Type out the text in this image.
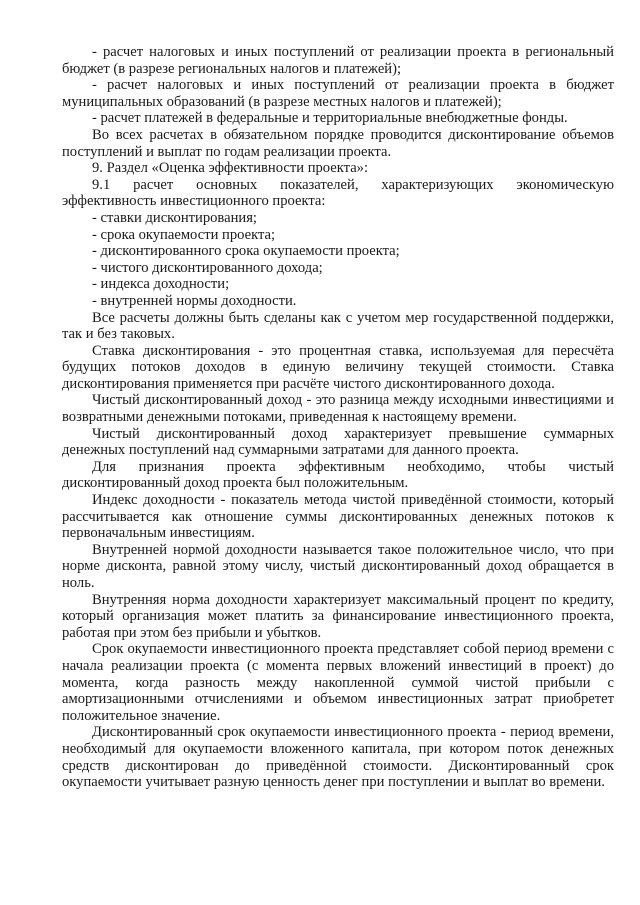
- расчет налоговых и иных поступлений от реализации проекта в региональный бюджет (в разрезе региональных налогов и платежей);

- расчет налоговых и иных поступлений от реализации проекта в бюджет муниципальных образований (в разрезе местных налогов и платежей);

- расчет платежей в федеральные и территориальные внебюджетные фонды.

Во всех расчетах в обязательном порядке проводится дисконтирование объемов поступлений и выплат по годам реализации проекта.

9. Раздел «Оценка эффективности проекта»:

9.1 расчет основных показателей, характеризующих экономическую эффективность инвестиционного проекта:

- ставки дисконтирования;

- срока окупаемости проекта;

- дисконтированного срока окупаемости проекта;

- чистого дисконтированного дохода;

- индекса доходности;

- внутренней нормы доходности.

Все расчеты должны быть сделаны как с учетом мер государственной поддержки, так и без таковых.

Ставка дисконтирования - это процентная ставка, используемая для пересчёта будущих потоков доходов в единую величину текущей стоимости. Ставка дисконтирования применяется при расчёте чистого дисконтированного дохода.

Чистый дисконтированный доход - это разница между исходными инвестициями и возвратными денежными потоками, приведенная к настоящему времени.

Чистый дисконтированный доход характеризует превышение суммарных денежных поступлений над суммарными затратами для данного проекта.

Для признания проекта эффективным необходимо, чтобы чистый дисконтированный доход проекта был положительным.

Индекс доходности - показатель метода чистой приведённой стоимости, который рассчитывается как отношение суммы дисконтированных денежных потоков к первоначальным инвестициям.

Внутренней нормой доходности называется такое положительное число, что при норме дисконта, равной этому числу, чистый дисконтированный доход обращается в ноль.

Внутренняя норма доходности характеризует максимальный процент по кредиту, который организация может платить за финансирование инвестиционного проекта, работая при этом без прибыли и убытков.

Срок окупаемости инвестиционного проекта представляет собой период времени с начала реализации проекта (с момента первых вложений инвестиций в проект) до момента, когда разность между накопленной суммой чистой прибыли с амортизационными отчислениями и объемом инвестиционных затрат приобретет положительное значение.

Дисконтированный срок окупаемости инвестиционного проекта - период времени, необходимый для окупаемости вложенного капитала, при котором поток денежных средств дисконтирован до приведённой стоимости. Дисконтированный срок окупаемости учитывает разную ценность денег при поступлении и выплат во времени.
